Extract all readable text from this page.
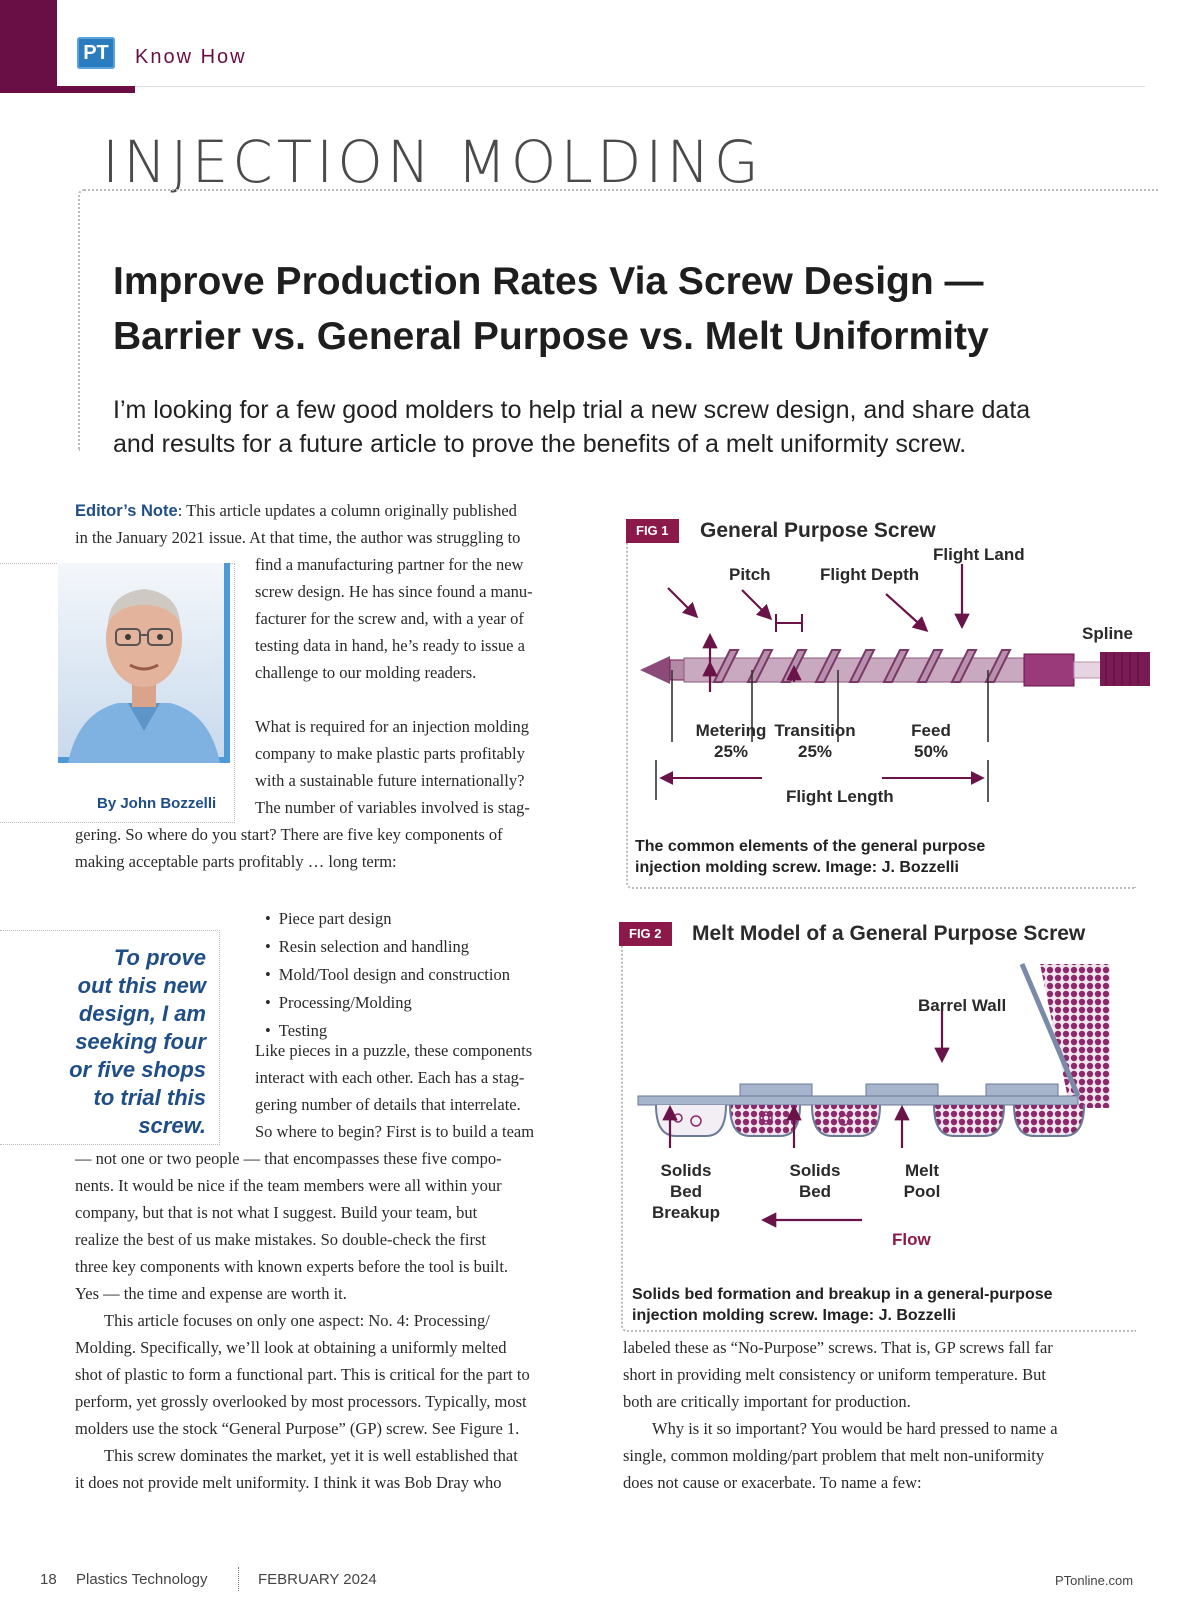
PT	Know How
INJECTION MOLDING
Improve Production Rates Via Screw Design —
Barrier vs. General Purpose vs. Melt Uniformity
I’m looking for a few good molders to help trial a new screw design, and share data
and results for a future article to prove the benefits of a melt uniformity screw.
Editor’s Note: This article updates a column originally published
in the January 2021 issue. At that time, the author was struggling to
find a manufacturing partner for the new
screw design. He has since found a manu-
facturer for the screw and, with a year of
testing data in hand, he’s ready to issue a
challenge to our molding readers.
By John Bozzelli
What is required for an injection molding
company to make plastic parts profitably
with a sustainable future internationally?
The number of variables involved is stag-
gering. So where do you start? There are five key components of
making acceptable parts profitably … long term:
• Piece part design
• Resin selection and handling
• Mold/Tool design and construction
• Processing/Molding
• Testing
To prove
out this new
design, I am
seeking four
or five shops
to trial this
screw.
Like pieces in a puzzle, these components
interact with each other. Each has a stag-
gering number of details that interrelate.
So where to begin? First is to build a team
— not one or two people — that encompasses these five compo-
nents. It would be nice if the team members were all within your
company, but that is not what I suggest. Build your team, but
realize the best of us make mistakes. So double-check the first
three key components with known experts before the tool is built.
Yes — the time and expense are worth it.
This article focuses on only one aspect: No. 4: Processing/
Molding. Specifically, we’ll look at obtaining a uniformly melted
shot of plastic to form a functional part. This is critical for the part to
perform, yet grossly overlooked by most processors. Typically, most
molders use the stock “General Purpose” (GP) screw. See Figure 1.
This screw dominates the market, yet it is well established that
it does not provide melt uniformity. I think it was Bob Dray who
labeled these as “No-Purpose” screws. That is, GP screws fall far
short in providing melt consistency or uniform temperature. But
both are critically important for production.
Why is it so important? You would be hard pressed to name a
single, common molding/part problem that melt non-uniformity
does not cause or exacerbate. To name a few:
FIG 1	General Purpose Screw
Flight Land
Pitch	Flight Depth
Spline
Metering
25%
Transition
25%
Feed
50%
Flight Length
The common elements of the general purpose
injection molding screw. Image: J. Bozzelli
FIG 2	Melt Model of a General Purpose Screw
Barrel Wall
Solids
Bed
Breakup
Solids
Bed
Melt
Pool
Flow
Solids bed formation and breakup in a general-purpose
injection molding screw. Image: J. Bozzelli
18 Plastics Technology	FEBRUARY 2024	PTonline.com
